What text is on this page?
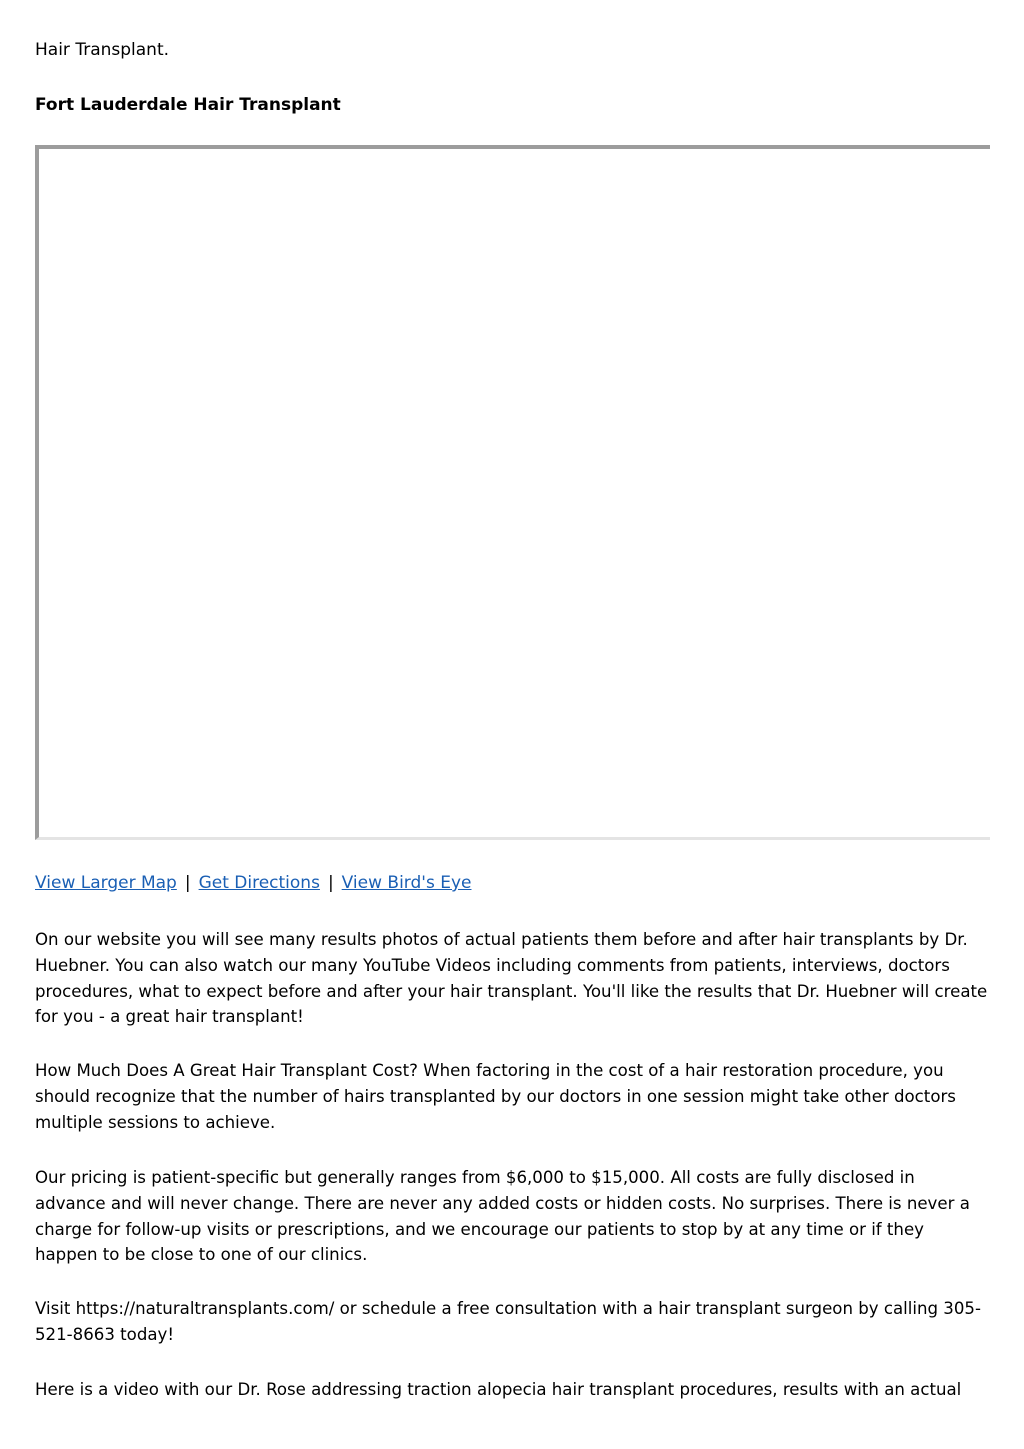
Hair Transplant.

Fort Lauderdale Hair Transplant

View Larger Map | Get Directions | View Bird's Eye

On our website you will see many results photos of actual patients them before and after hair transplants by Dr. Huebner. You can also watch our many YouTube Videos including comments from patients, interviews, doctors procedures, what to expect before and after your hair transplant. You'll like the results that Dr. Huebner will create for you - a great hair transplant!

How Much Does A Great Hair Transplant Cost? When factoring in the cost of a hair restoration procedure, you should recognize that the number of hairs transplanted by our doctors in one session might take other doctors multiple sessions to achieve.

Our pricing is patient-specific but generally ranges from $6,000 to $15,000. All costs are fully disclosed in advance and will never change. There are never any added costs or hidden costs. No surprises. There is never a charge for follow-up visits or prescriptions, and we encourage our patients to stop by at any time or if they happen to be close to one of our clinics.

Visit https://naturaltransplants.com/ or schedule a free consultation with a hair transplant surgeon by calling 305-521-8663 today!

Here is a video with our Dr. Rose addressing traction alopecia hair transplant procedures, results with an actual
